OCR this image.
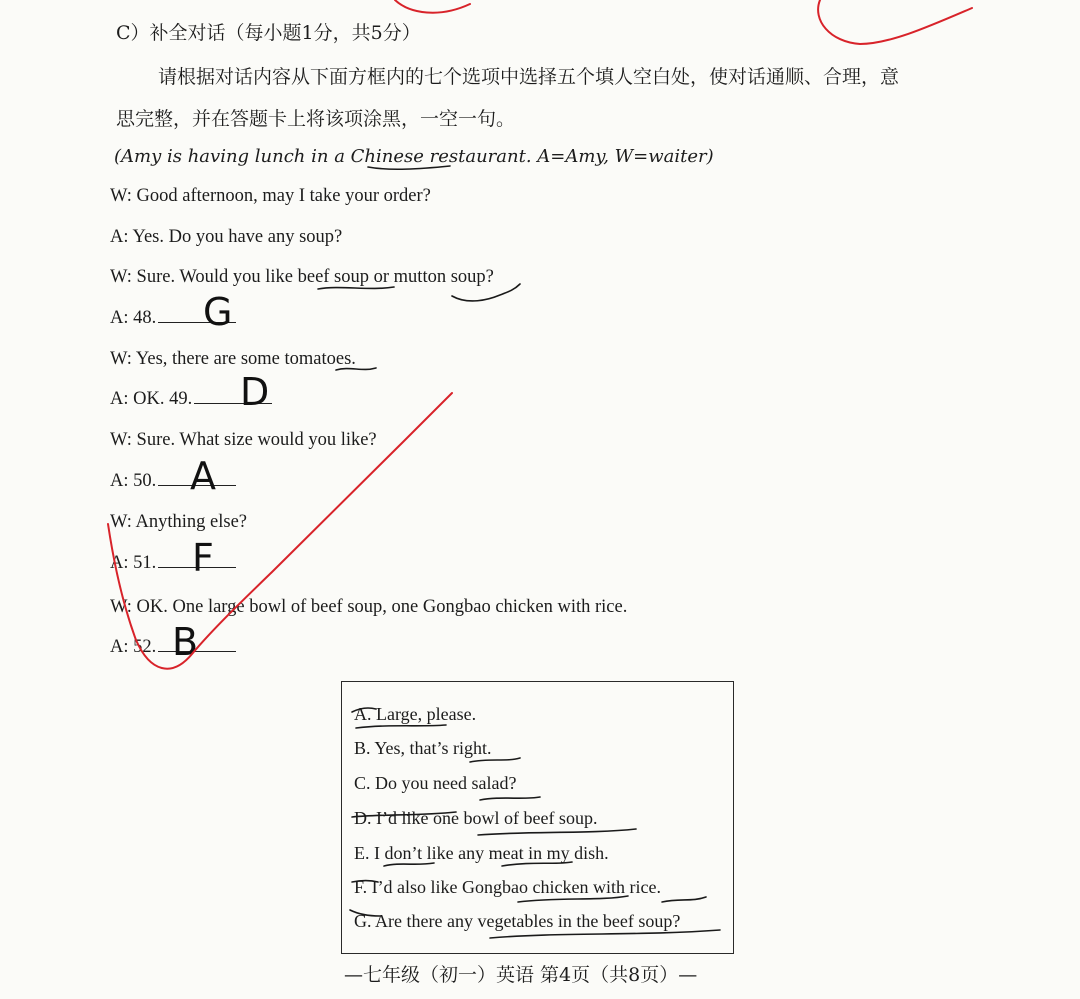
C）补全对话（每小题1分，共5分）
请根据对话内容从下面方框内的七个选项中选择五个填人空白处，使对话通顺、合理，意
思完整，并在答题卡上将该项涂黑，一空一句。
(Amy is having lunch in a Chinese restaurant. A=Amy, W=waiter)
W: Good afternoon, may I take your order?
A: Yes. Do you have any soup?
W: Sure. Would you like beef soup or mutton soup?
A: 48.	G
W: Yes, there are some tomatoes.
A: OK. 49.	D
W: Sure. What size would you like?
A: 50. A
W: Anything else?
A: 51. F
W: OK. One large bowl of beef soup, one Gongbao chicken with rice.
A: 52. B
A. Large, please.
B. Yes, that’s right.
C. Do you need salad?
D. I’d like one bowl of beef soup.
E. I don’t like any meat in my dish.
F. I’d also like Gongbao chicken with rice.
G. Are there any vegetables in the beef soup?
—七年级（初一）英语 第4页（共8页）—
